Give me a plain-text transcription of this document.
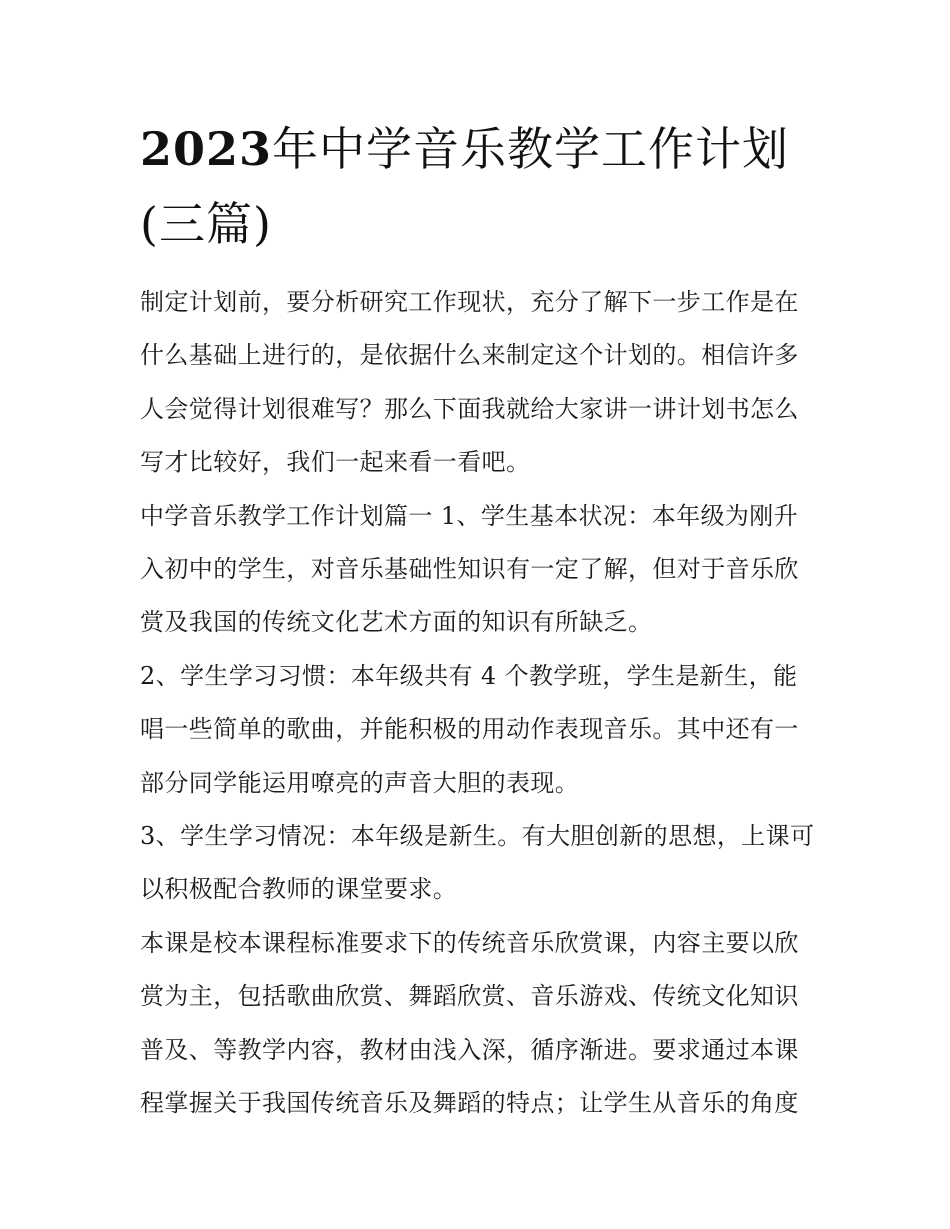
2023年中学音乐教学工作计划(三篇)

制定计划前，要分析研究工作现状，充分了解下一步工作是在什么基础上进行的，是依据什么来制定这个计划的。相信许多人会觉得计划很难写？那么下面我就给大家讲一讲计划书怎么写才比较好，我们一起来看一看吧。

中学音乐教学工作计划篇一 1、学生基本状况：本年级为刚升入初中的学生，对音乐基础性知识有一定了解，但对于音乐欣赏及我国的传统文化艺术方面的知识有所缺乏。

2、学生学习习惯：本年级共有 4 个教学班，学生是新生，能唱一些简单的歌曲，并能积极的用动作表现音乐。其中还有一部分同学能运用嘹亮的声音大胆的表现。

3、学生学习情况：本年级是新生。有大胆创新的思想，上课可以积极配合教师的课堂要求。

本课是校本课程标准要求下的传统音乐欣赏课，内容主要以欣赏为主，包括歌曲欣赏、舞蹈欣赏、音乐游戏、传统文化知识普及、等教学内容，教材由浅入深，循序渐进。要求通过本课程掌握关于我国传统音乐及舞蹈的特点；让学生从音乐的角度
